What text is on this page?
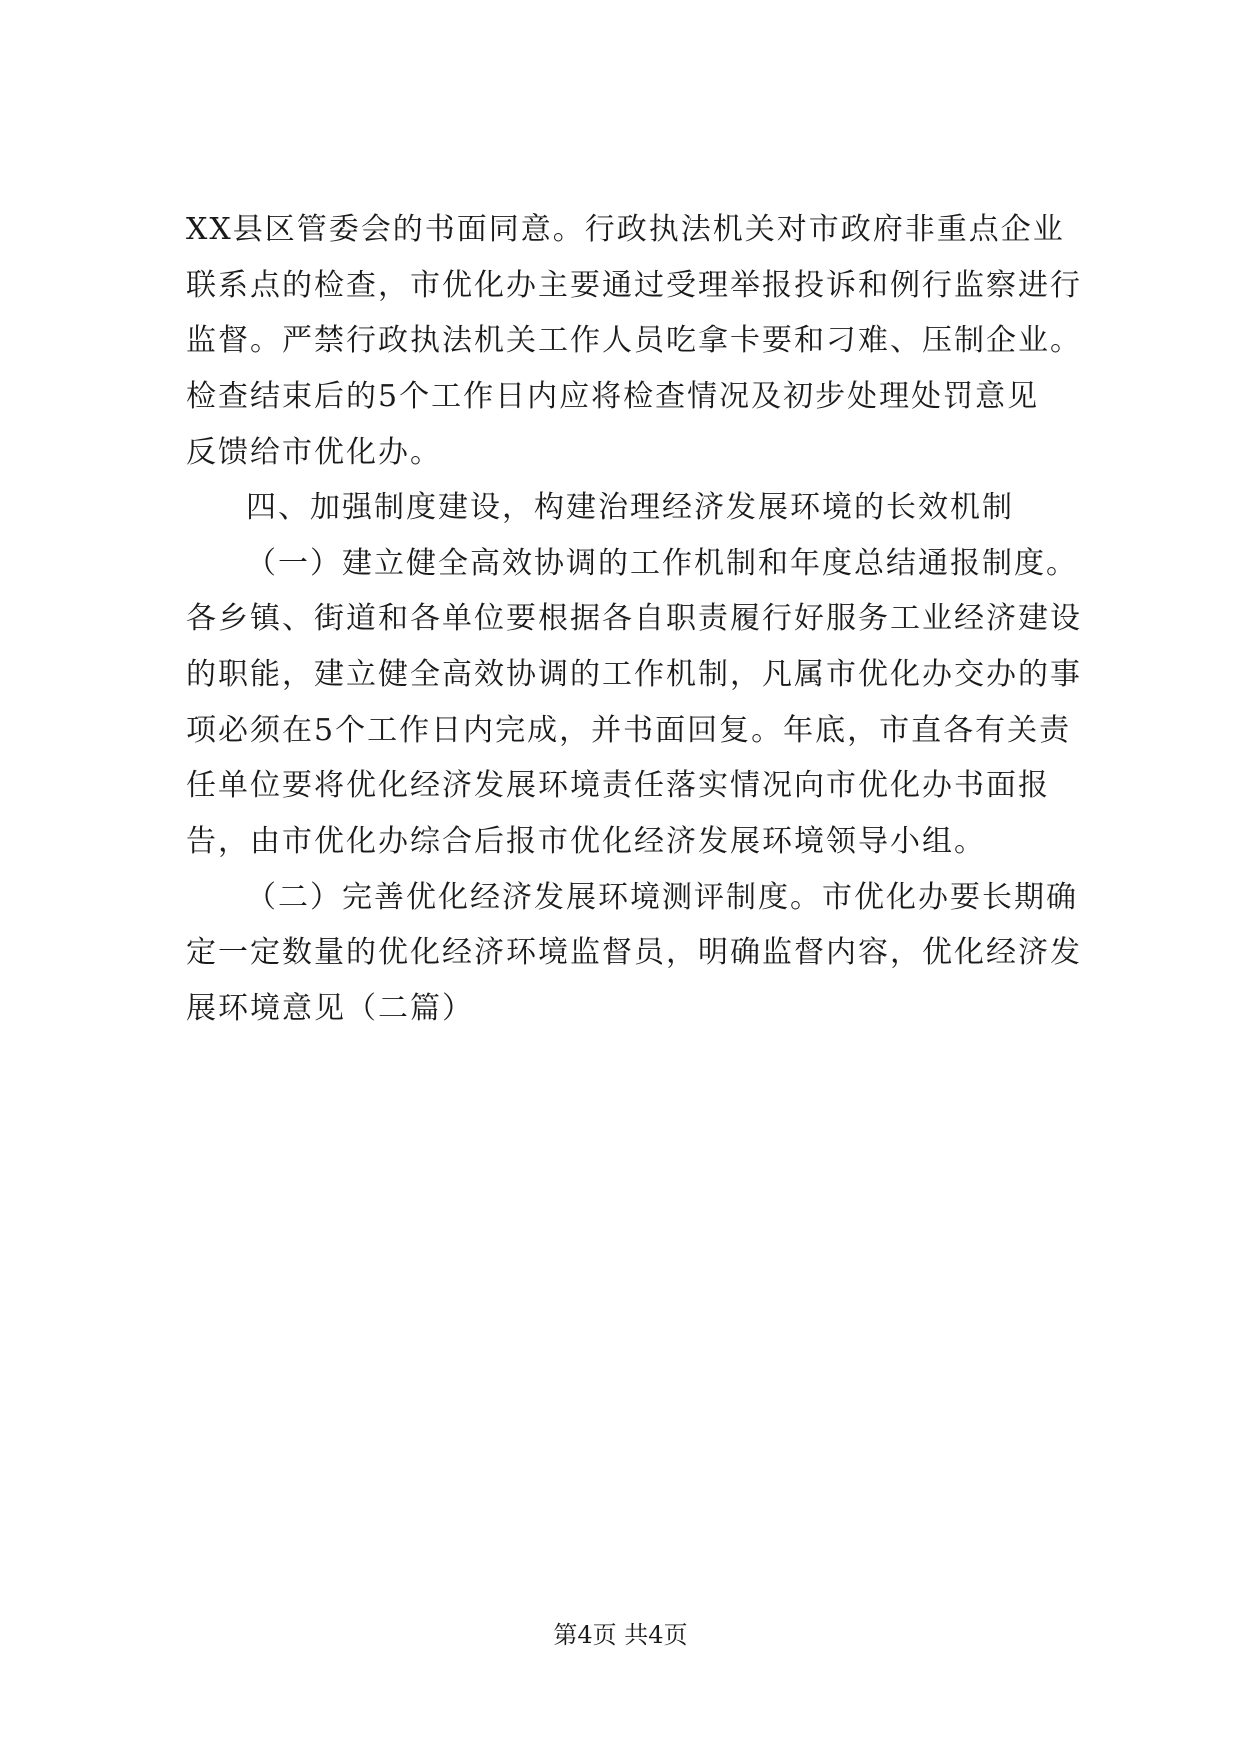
XX县区管委会的书面同意。行政执法机关对市政府非重点企业
联系点的检查，市优化办主要通过受理举报投诉和例行监察进行
监督。严禁行政执法机关工作人员吃拿卡要和刁难、压制企业。
检查结束后的5个工作日内应将检查情况及初步处理处罚意见
反馈给市优化办。
四、加强制度建设，构建治理经济发展环境的长效机制
（一）建立健全高效协调的工作机制和年度总结通报制度。
各乡镇、街道和各单位要根据各自职责履行好服务工业经济建设
的职能，建立健全高效协调的工作机制，凡属市优化办交办的事
项必须在5个工作日内完成，并书面回复。年底，市直各有关责
任单位要将优化经济发展环境责任落实情况向市优化办书面报
告，由市优化办综合后报市优化经济发展环境领导小组。
（二）完善优化经济发展环境测评制度。市优化办要长期确
定一定数量的优化经济环境监督员，明确监督内容，优化经济发
展环境意见（二篇）
第4页 共4页
